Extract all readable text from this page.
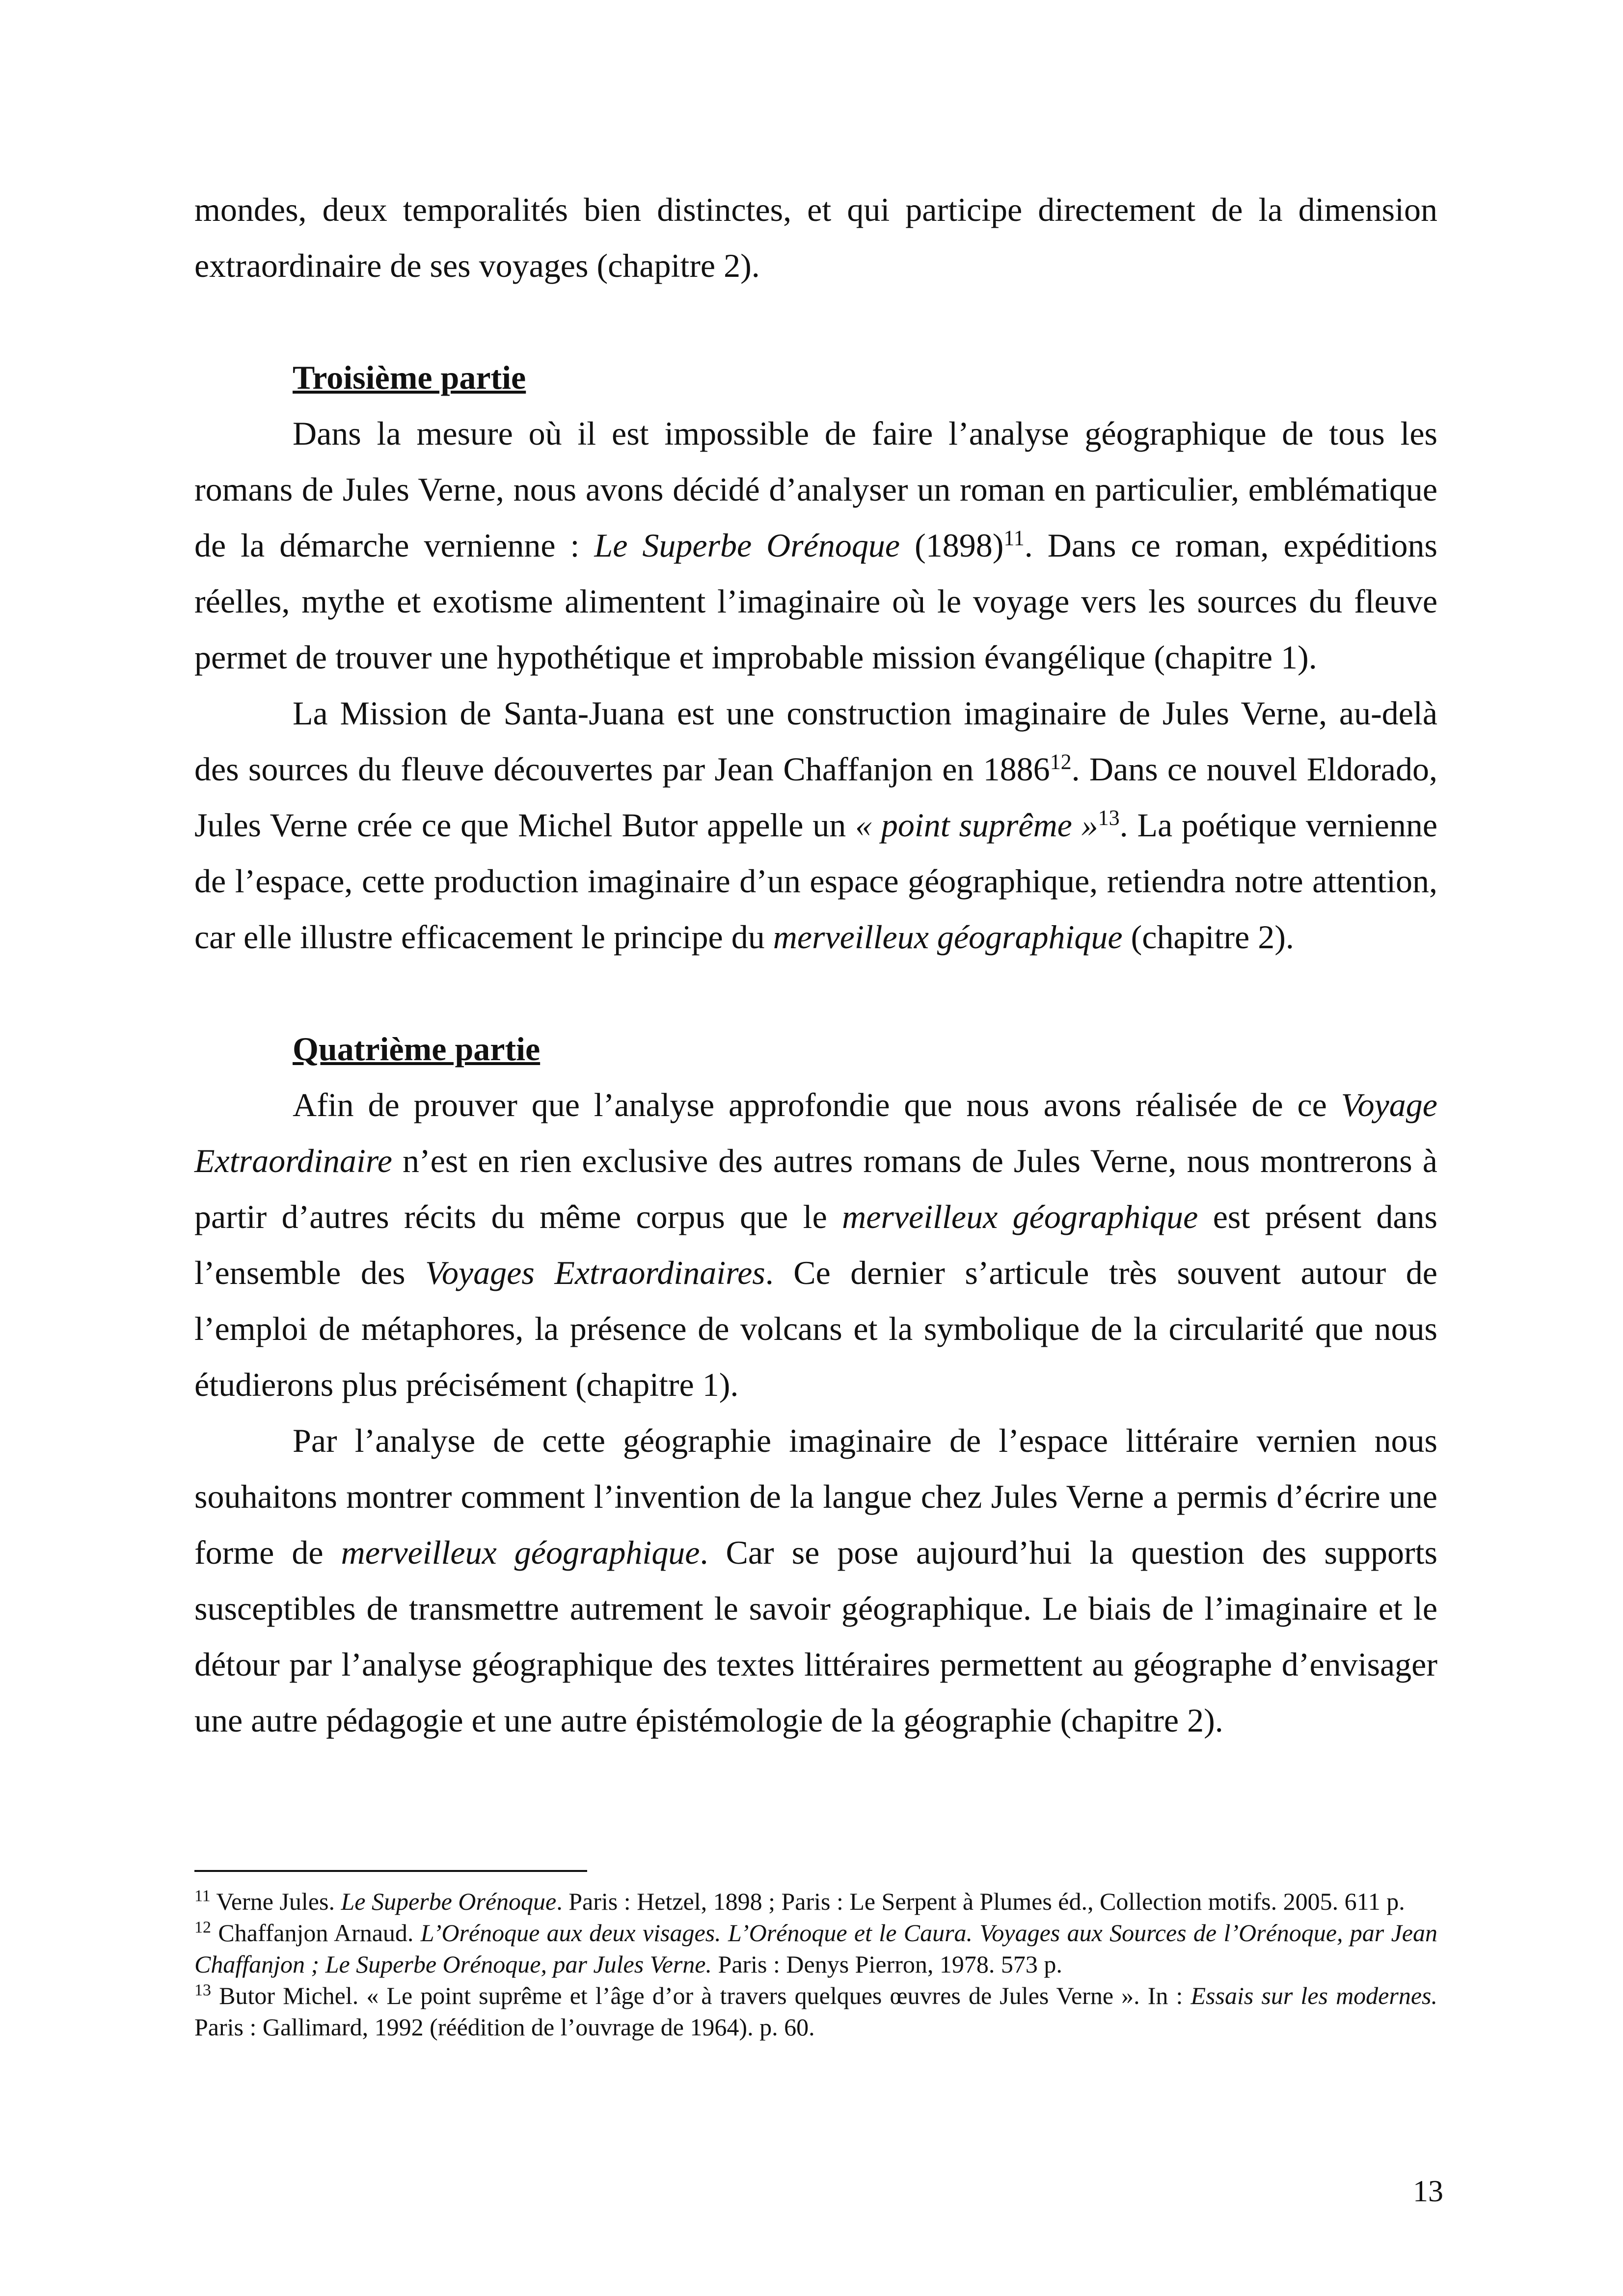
mondes, deux temporalités bien distinctes, et qui participe directement de la dimension extraordinaire de ses voyages (chapitre 2).

Troisième partie

Dans la mesure où il est impossible de faire l’analyse géographique de tous les romans de Jules Verne, nous avons décidé d’analyser un roman en particulier, emblématique de la démarche vernienne : Le Superbe Orénoque $(1898)^{11}$. Dans ce roman, expéditions réelles, mythe et exotisme alimentent l’imaginaire où le voyage vers les sources du fleuve permet de trouver une hypothétique et improbable mission évangélique (chapitre 1).

La Mission de Santa-Juana est une construction imaginaire de Jules Verne, au-delà des sources du fleuve découvertes par Jean Chaffanjon en 1886$^{12}$. Dans ce nouvel Eldorado, Jules Verne crée ce que Michel Butor appelle un « point suprême »$^{13}$. La poétique vernienne de l’espace, cette production imaginaire d’un espace géographique, retiendra notre attention, car elle illustre efficacement le principe du merveilleux géographique (chapitre 2).

Quatrième partie

Afin de prouver que l’analyse approfondie que nous avons réalisée de ce Voyage Extraordinaire n’est en rien exclusive des autres romans de Jules Verne, nous montrerons à partir d’autres récits du même corpus que le merveilleux géographique est présent dans l’ensemble des Voyages Extraordinaires. Ce dernier s’articule très souvent autour de l’emploi de métaphores, la présence de volcans et la symbolique de la circularité que nous étudierons plus précisément (chapitre 1).

Par l’analyse de cette géographie imaginaire de l’espace littéraire vernien nous souhaitons montrer comment l’invention de la langue chez Jules Verne a permis d’écrire une forme de merveilleux géographique. Car se pose aujourd’hui la question des supports susceptibles de transmettre autrement le savoir géographique. Le biais de l’imaginaire et le détour par l’analyse géographique des textes littéraires permettent au géographe d’envisager une autre pédagogie et une autre épistémologie de la géographie (chapitre 2).

$^{11}$ Verne Jules. Le Superbe Orénoque. Paris : Hetzel, 1898 ; Paris : Le Serpent à Plumes éd., Collection motifs. 2005. 611 p.

$^{12}$ Chaffanjon Arnaud. L’Orénoque aux deux visages. L’Orénoque et le Caura. Voyages aux Sources de l’Orénoque, par Jean Chaffanjon ; Le Superbe Orénoque, par Jules Verne. Paris : Denys Pierron, 1978. 573 p.

$^{13}$ Butor Michel. « Le point suprême et l’âge d’or à travers quelques œuvres de Jules Verne ». In : Essais sur les modernes. Paris : Gallimard, 1992 (réédition de l’ouvrage de 1964). p. 60.

13
